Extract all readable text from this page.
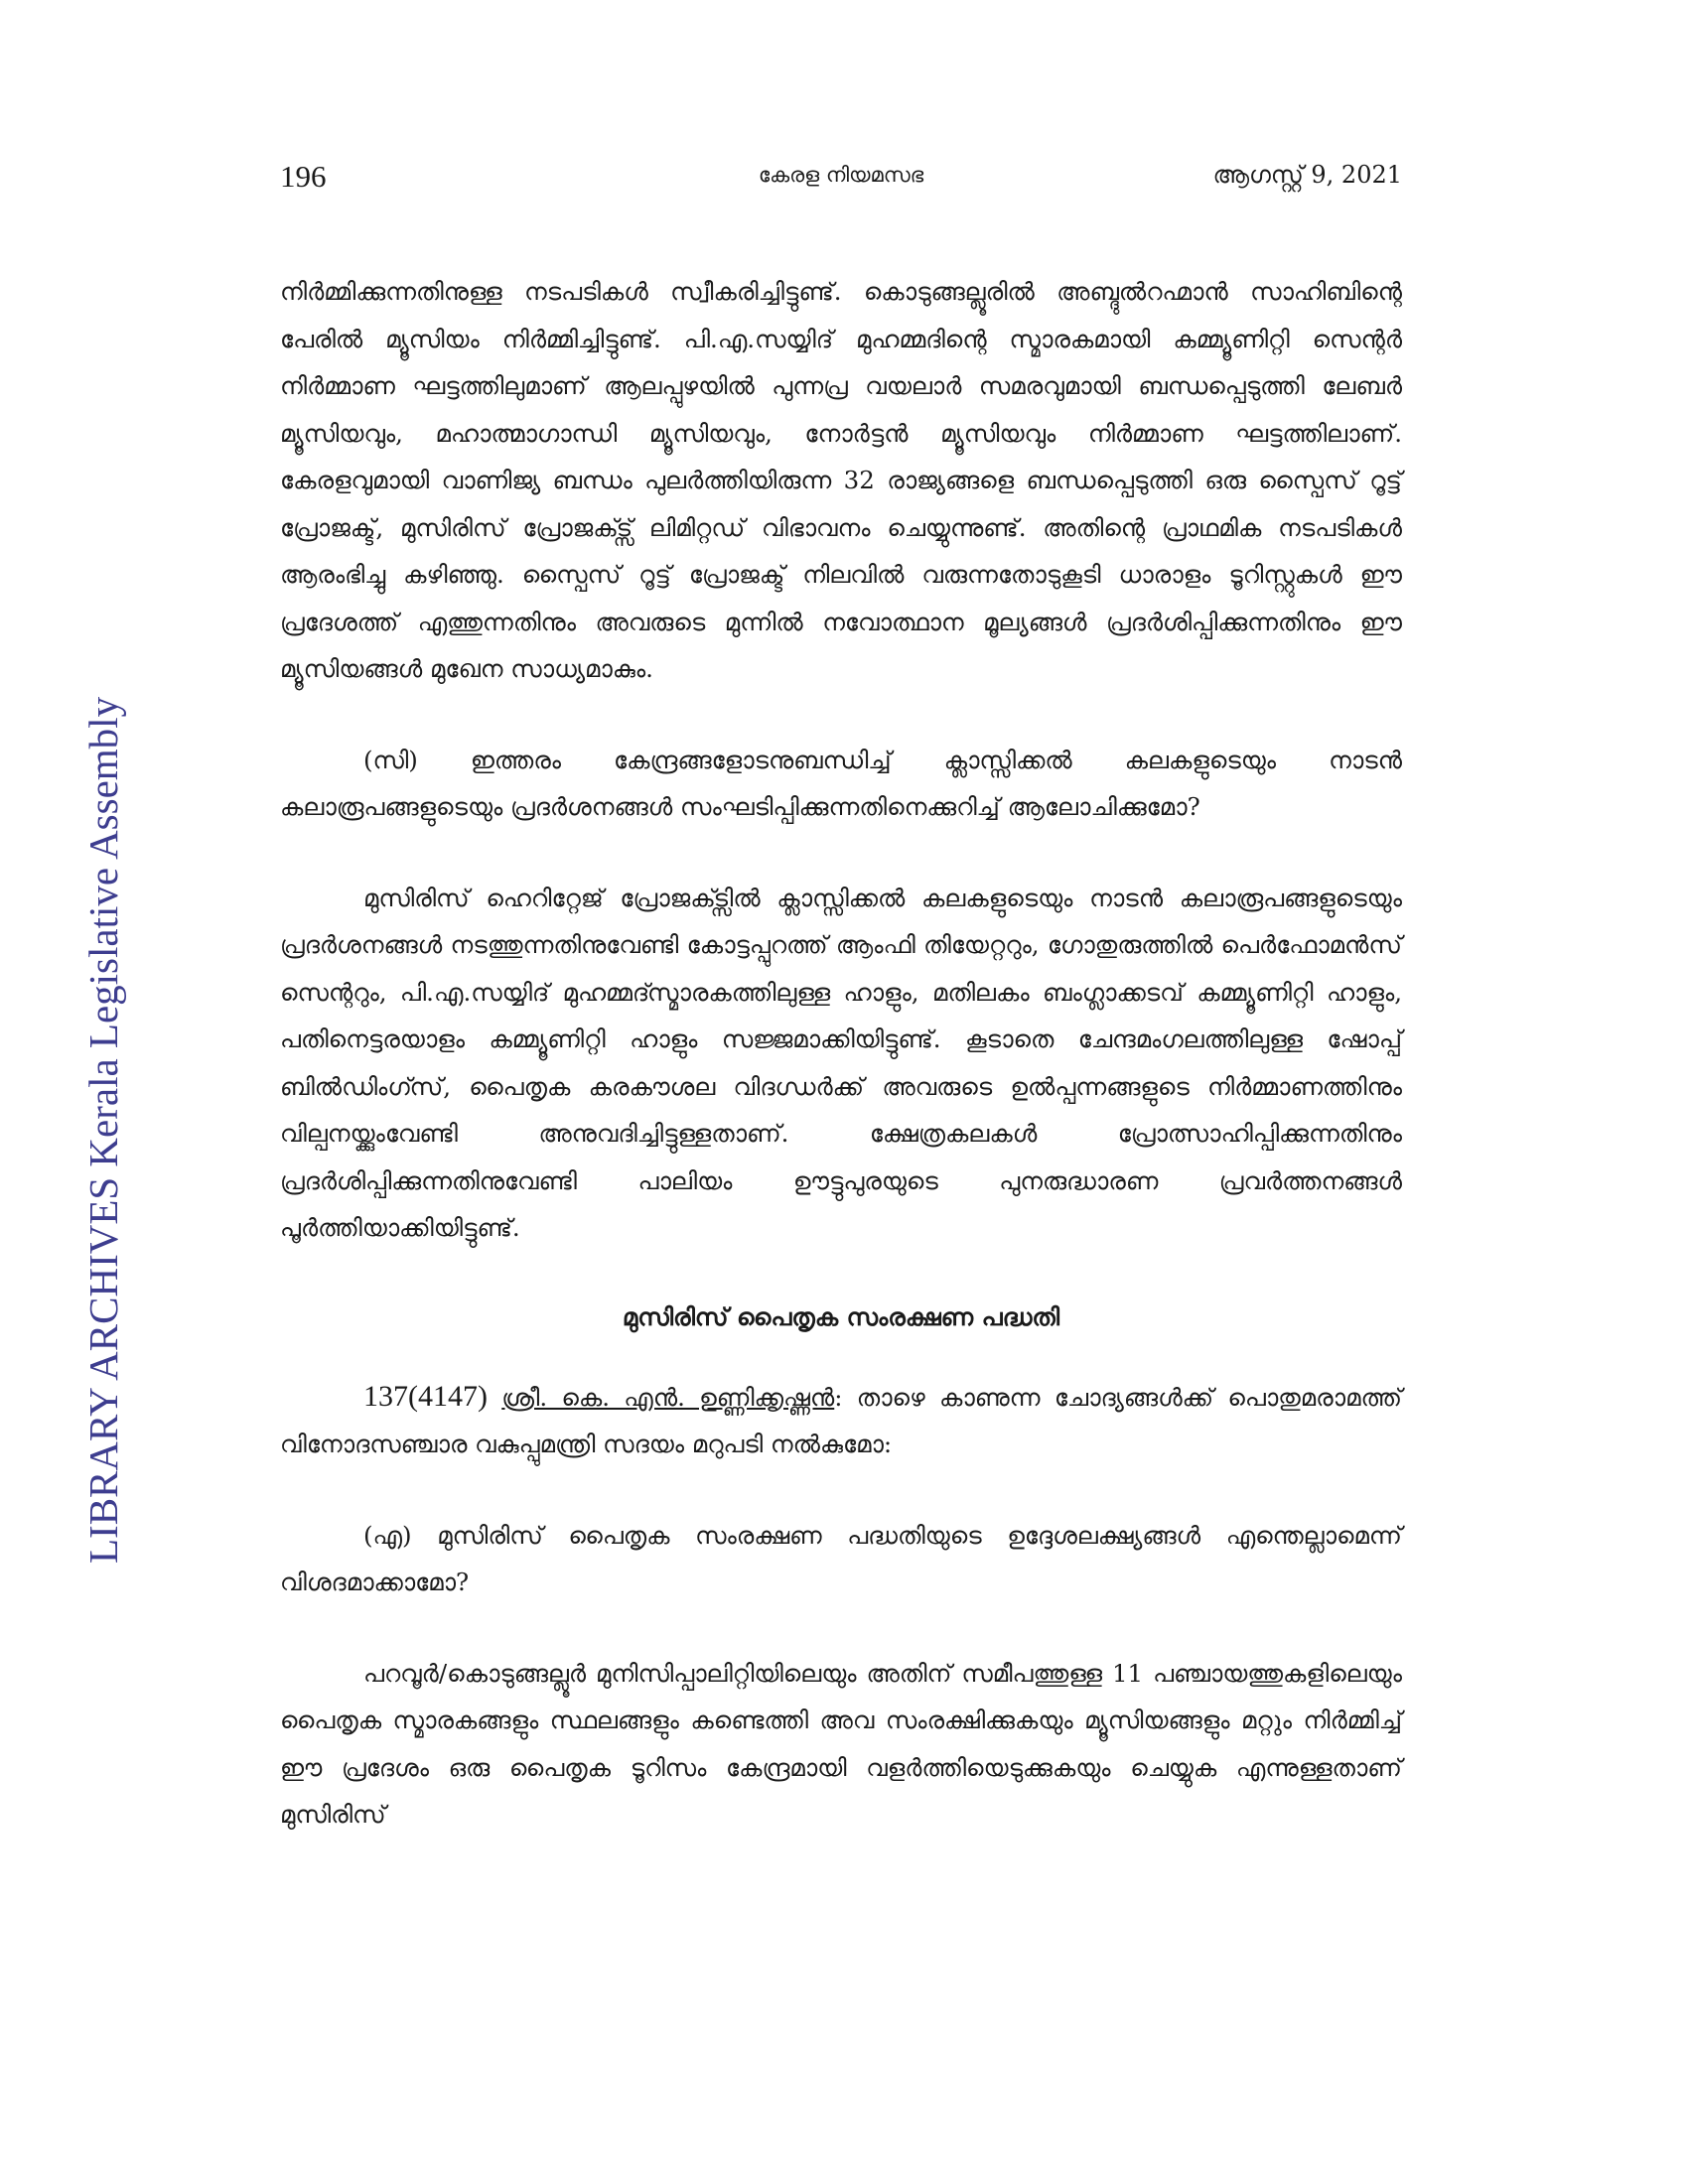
196	കേരള നിയമസഭ	ആഗസ്റ്റ് 9, 2021
LIBRARY ARCHIVES Kerala Legislative Assembly

നിർമ്മിക്കുന്നതിനുള്ള നടപടികൾ സ്വീകരിച്ചിട്ടുണ്ട്. കൊടുങ്ങല്ലൂരിൽ അബ്ദുൽറഹ്മാൻ സാഹിബിന്റെ പേരിൽ മ്യൂസിയം നിർമ്മിച്ചിട്ടുണ്ട്. പി.എ.സയ്യിദ് മുഹമ്മദിന്റെ സ്മാരകമായി കമ്മ്യൂണിറ്റി സെന്റർ നിർമ്മാണ ഘട്ടത്തിലുമാണ് ആലപ്പുഴയിൽ പുന്നപ്ര വയലാർ സമരവുമായി ബന്ധപ്പെടുത്തി ലേബർ മ്യൂസിയവും, മഹാത്മാഗാന്ധി മ്യൂസിയവും, നോർട്ടൻ മ്യൂസിയവും നിർമ്മാണ ഘട്ടത്തിലാണ്. കേരളവുമായി വാണിജ്യ ബന്ധം പുലർത്തിയിരുന്ന 32 രാജ്യങ്ങളെ ബന്ധപ്പെടുത്തി ഒരു സ്പൈസ് റൂട്ട് പ്രോജക്ട്, മുസിരിസ് പ്രോജക്ട്സ് ലിമിറ്റഡ് വിഭാവനം ചെയ്യുന്നുണ്ട്. അതിന്റെ പ്രാഥമിക നടപടികൾ ആരംഭിച്ചു കഴിഞ്ഞു. സ്പൈസ് റൂട്ട് പ്രോജക്ട് നിലവിൽ വരുന്നതോടുകൂടി ധാരാളം ടൂറിസ്റ്റുകൾ ഈ പ്രദേശത്ത് എത്തുന്നതിനും അവരുടെ മുന്നിൽ നവോത്ഥാന മൂല്യങ്ങൾ പ്രദർശിപ്പിക്കുന്നതിനും ഈ മ്യൂസിയങ്ങൾ മുഖേന സാധ്യമാകും.

(സി) ഇത്തരം കേന്ദ്രങ്ങളോടനുബന്ധിച്ച് ക്ലാസ്സിക്കൽ കലകളുടെയും നാടൻ കലാരൂപങ്ങളുടെയും പ്രദർശനങ്ങൾ സംഘടിപ്പിക്കുന്നതിനെക്കുറിച്ച് ആലോചിക്കുമോ?

മുസിരിസ് ഹെറിറ്റേജ് പ്രോജക്ട്സിൽ ക്ലാസ്സിക്കൽ കലകളുടെയും നാടൻ കലാരൂപങ്ങളുടെയും പ്രദർശനങ്ങൾ നടത്തുന്നതിനുവേണ്ടി കോട്ടപ്പുറത്ത് ആംഫി തിയേറ്ററും, ഗോതുരുത്തിൽ പെർഫോമൻസ് സെന്ററും, പി.എ.സയ്യിദ് മുഹമ്മദ്സ്മാരകത്തിലുള്ള ഹാളും, മതിലകം ബംഗ്ലാക്കടവ് കമ്മ്യൂണിറ്റി ഹാളും, പതിനെട്ടരയാളം കമ്മ്യൂണിറ്റി ഹാളും സജ്ജമാക്കിയിട്ടുണ്ട്. കൂടാതെ ചേന്ദമംഗലത്തിലുള്ള ഷോപ്പ് ബിൽഡിംഗ്സ്, പൈതൃക കരകൗശല വിദഗ്ധർക്ക് അവരുടെ ഉൽപ്പന്നങ്ങളുടെ നിർമ്മാണത്തിനും വില്പനയ്ക്കുംവേണ്ടി അനുവദിച്ചിട്ടുള്ളതാണ്. ക്ഷേത്രകലകൾ പ്രോത്സാഹിപ്പിക്കുന്നതിനും പ്രദർശിപ്പിക്കുന്നതിനുവേണ്ടി പാലിയം ഊട്ടുപുരയുടെ പുനരുദ്ധാരണ പ്രവർത്തനങ്ങൾ പൂർത്തിയാക്കിയിട്ടുണ്ട്.

മുസിരിസ് പൈതൃക സംരക്ഷണ പദ്ധതി

137(4147) ശ്രീ. കെ. എൻ. ഉണ്ണിക്കൃഷ്ണൻ: താഴെ കാണുന്ന ചോദ്യങ്ങൾക്ക് പൊതുമരാമത്ത് വിനോദസഞ്ചാര വകുപ്പുമന്ത്രി സദയം മറുപടി നൽകുമോ:

(എ) മുസിരിസ് പൈതൃക സംരക്ഷണ പദ്ധതിയുടെ ഉദ്ദേശലക്ഷ്യങ്ങൾ എന്തെല്ലാമെന്ന് വിശദമാക്കാമോ?

പറവൂർ/കൊടുങ്ങല്ലൂർ മുനിസിപ്പാലിറ്റിയിലെയും അതിന് സമീപത്തുള്ള 11 പഞ്ചായത്തുകളിലെയും പൈതൃക സ്മാരകങ്ങളും സ്ഥലങ്ങളും കണ്ടെത്തി അവ സംരക്ഷിക്കുകയും മ്യൂസിയങ്ങളും മറ്റും നിർമ്മിച്ച് ഈ പ്രദേശം ഒരു പൈതൃക ടൂറിസം കേന്ദ്രമായി വളർത്തിയെടുക്കുകയും ചെയ്യുക എന്നുള്ളതാണ് മുസിരിസ്
